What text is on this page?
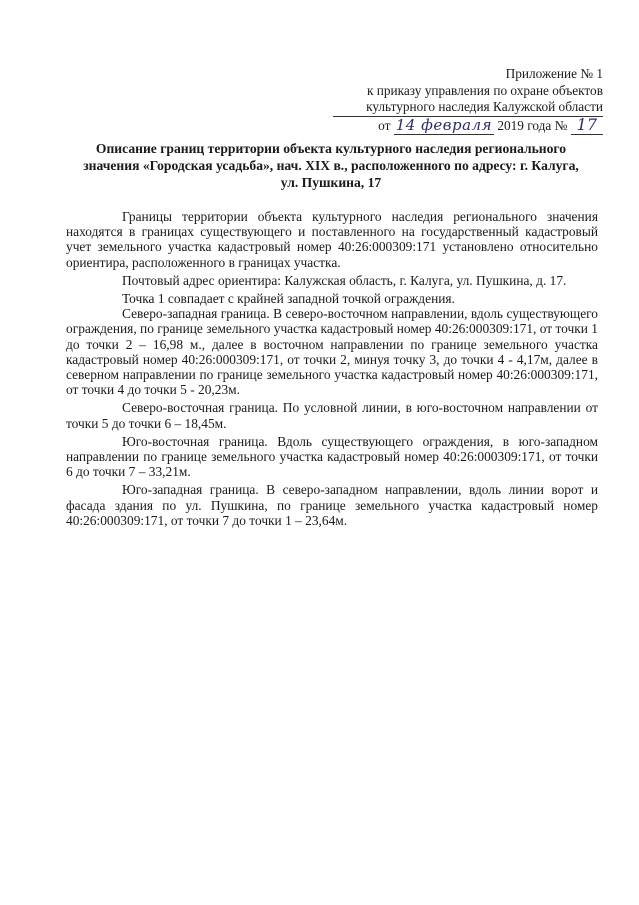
Приложение № 1
к приказу управления по охране объектов
культурного наследия Калужской области
от 14 февраля 2019 года № 17
Описание границ территории объекта культурного наследия регионального
значения «Городская усадьба», нач. XIX в., расположенного по адресу: г. Калуга,
ул. Пушкина, 17

Границы территории объекта культурного наследия регионального значения находятся в границах существующего и поставленного на государственный кадастровый учет земельного участка кадастровый номер 40:26:000309:171 установлено относительно ориентира, расположенного в границах участка.

Почтовый адрес ориентира: Калужская область, г. Калуга, ул. Пушкина, д. 17.

Точка 1 совпадает с крайней западной точкой ограждения.

Северо-западная граница. В северо-восточном направлении, вдоль существующего ограждения, по границе земельного участка кадастровый номер 40:26:000309:171, от точки 1 до точки 2 – 16,98 м., далее в восточном направлении по границе земельного участка кадастровый номер 40:26:000309:171, от точки 2, минуя точку 3, до точки 4 - 4,17м, далее в северном направлении по границе земельного участка кадастровый номер 40:26:000309:171, от точки 4 до точки 5 - 20,23м.

Северо-восточная граница. По условной линии, в юго-восточном направлении от точки 5 до точки 6 – 18,45м.

Юго-восточная граница. Вдоль существующего ограждения, в юго-западном направлении по границе земельного участка кадастровый номер 40:26:000309:171, от точки 6 до точки 7 – 33,21м.

Юго-западная граница. В северо-западном направлении, вдоль линии ворот и фасада здания по ул. Пушкина, по границе земельного участка кадастровый номер 40:26:000309:171, от точки 7 до точки 1 – 23,64м.
